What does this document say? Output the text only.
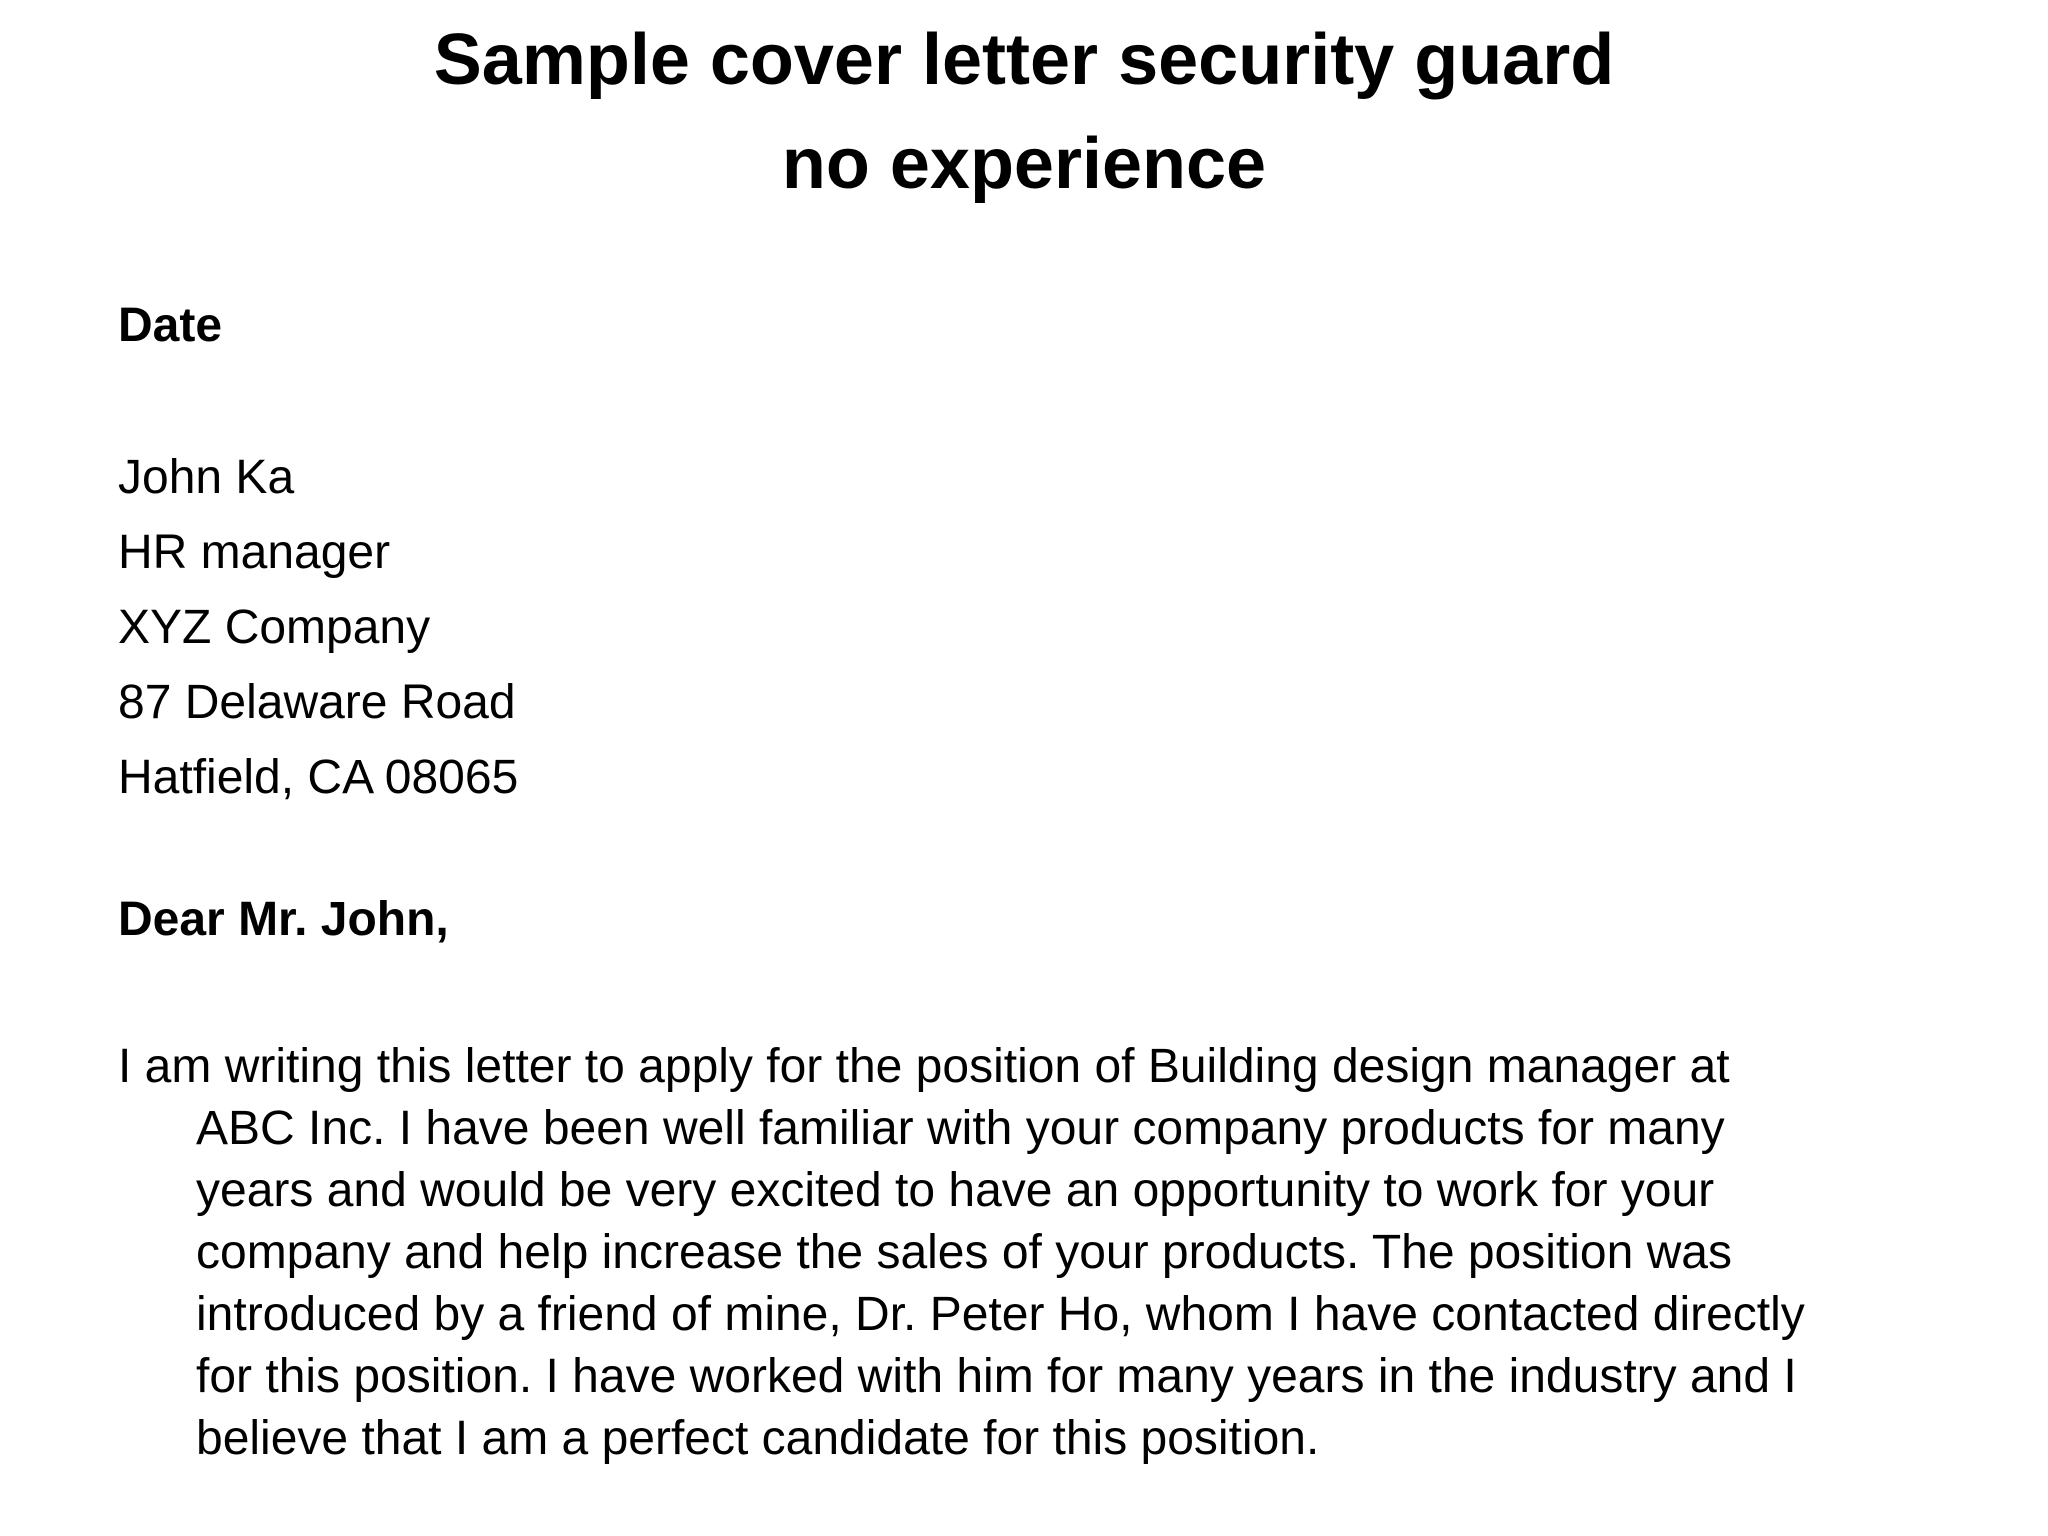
Sample cover letter security guard
no experience
Date
John Ka
HR manager
XYZ Company
87 Delaware Road
Hatfield, CA 08065
Dear Mr. John,
I am writing this letter to apply for the position of Building design manager at
ABC Inc. I have been well familiar with your company products for many
years and would be very excited to have an opportunity to work for your
company and help increase the sales of your products. The position was
introduced by a friend of mine, Dr. Peter Ho, whom I have contacted directly
for this position. I have worked with him for many years in the industry and I
believe that I am a perfect candidate for this position.
